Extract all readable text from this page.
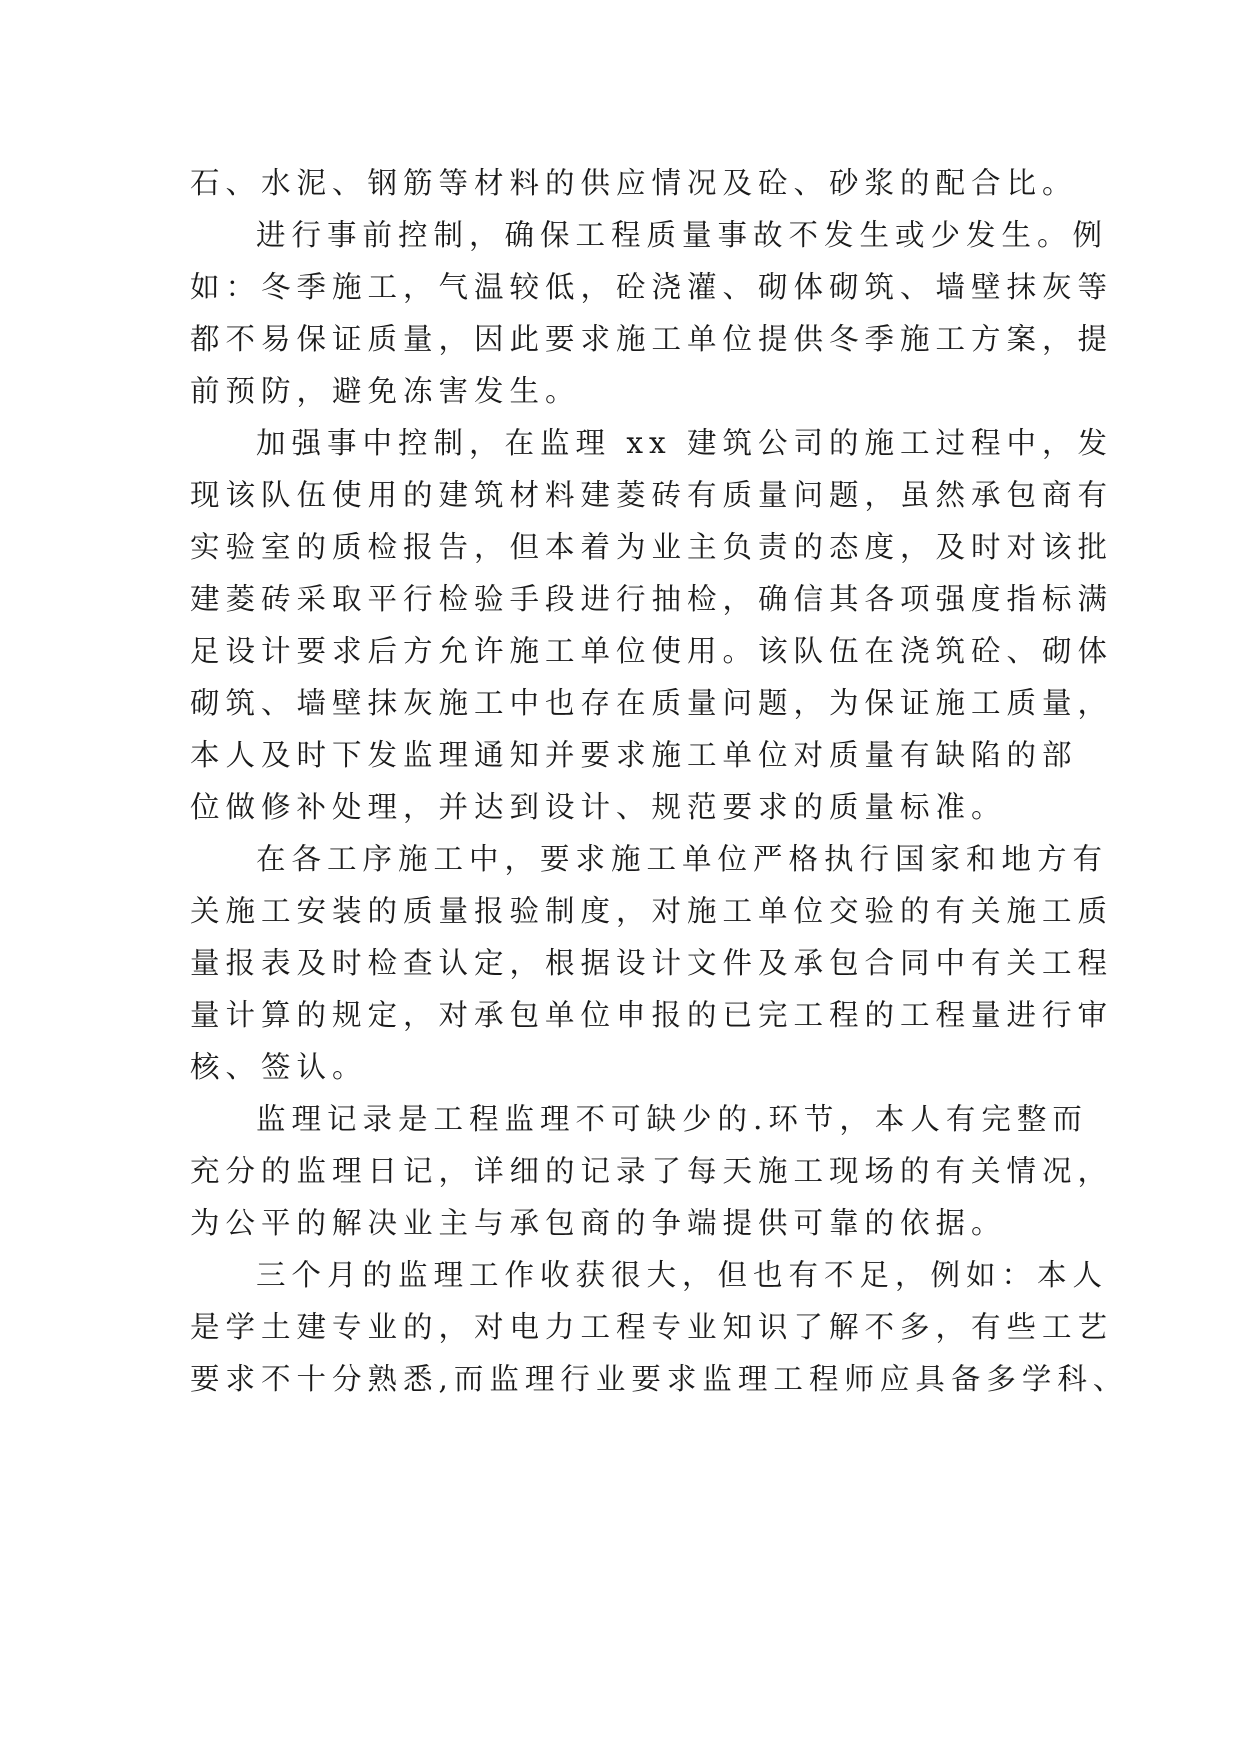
石、水泥、钢筋等材料的供应情况及砼、砂浆的配合比。
进行事前控制，确保工程质量事故不发生或少发生。例
如：冬季施工，气温较低，砼浇灌、砌体砌筑、墙壁抹灰等
都不易保证质量，因此要求施工单位提供冬季施工方案，提
前预防，避免冻害发生。
加强事中控制，在监理 xx 建筑公司的施工过程中，发
现该队伍使用的建筑材料建菱砖有质量问题，虽然承包商有
实验室的质检报告，但本着为业主负责的态度，及时对该批
建菱砖采取平行检验手段进行抽检，确信其各项强度指标满
足设计要求后方允许施工单位使用。该队伍在浇筑砼、砌体
砌筑、墙壁抹灰施工中也存在质量问题，为保证施工质量，
本人及时下发监理通知并要求施工单位对质量有缺陷的部
位做修补处理，并达到设计、规范要求的质量标准。
在各工序施工中，要求施工单位严格执行国家和地方有
关施工安装的质量报验制度，对施工单位交验的有关施工质
量报表及时检查认定，根据设计文件及承包合同中有关工程
量计算的规定，对承包单位申报的已完工程的工程量进行审
核、签认。
监理记录是工程监理不可缺少的.环节，本人有完整而
充分的监理日记，详细的记录了每天施工现场的有关情况，
为公平的解决业主与承包商的争端提供可靠的依据。
三个月的监理工作收获很大，但也有不足，例如：本人
是学土建专业的，对电力工程专业知识了解不多，有些工艺
要求不十分熟悉,而监理行业要求监理工程师应具备多学科、
